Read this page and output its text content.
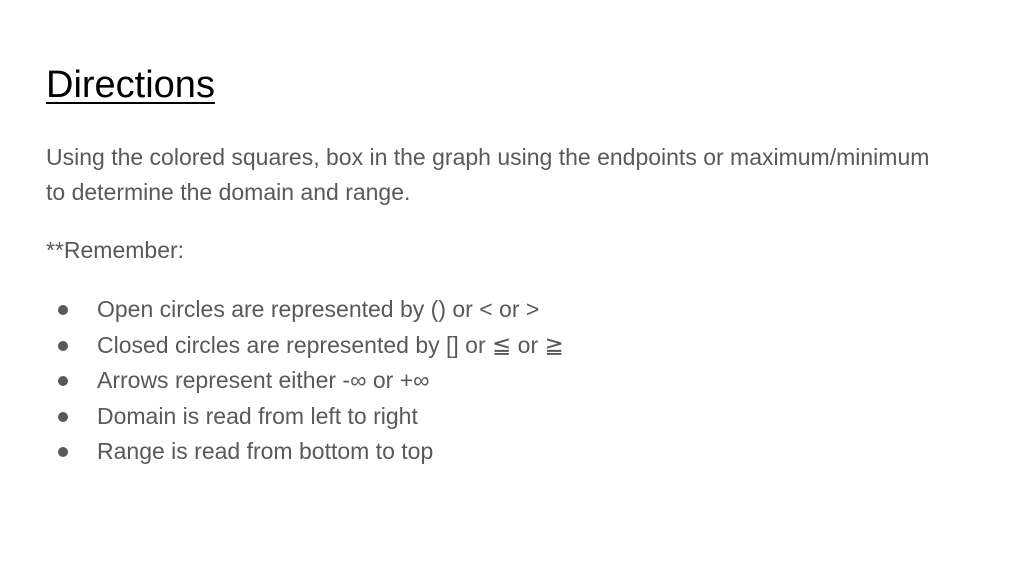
Directions

Using the colored squares, box in the graph using the endpoints or maximum/minimum to determine the domain and range.

**Remember:

Open circles are represented by () or < or >
Closed circles are represented by [] or ≦ or ≧
Arrows represent either -∞ or +∞
Domain is read from left to right
Range is read from bottom to top
